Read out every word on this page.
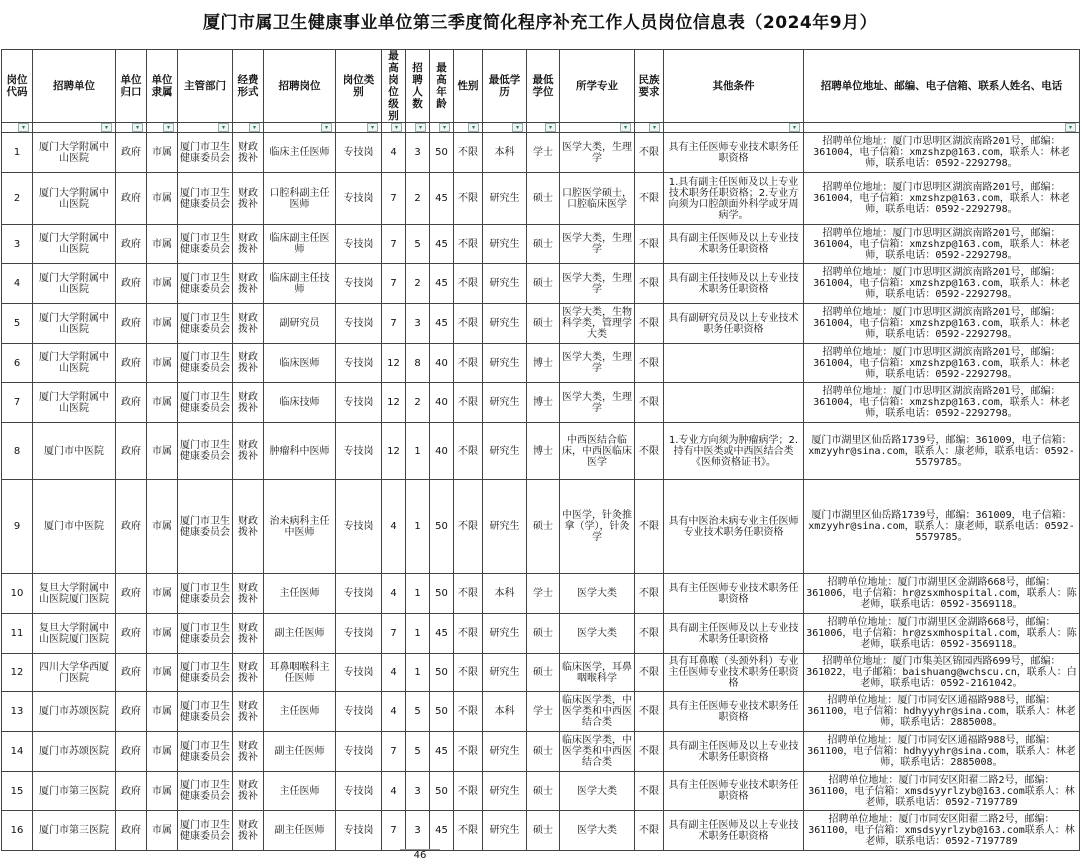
厦门市属卫生健康事业单位第三季度简化程序补充工作人员岗位信息表（2024年9月）
岗位代码	招聘单位	单位归口	单位隶属	主管部门	经费形式	招聘岗位	岗位类别	最高岗位级别	招聘人数	最高年龄	性别	最低学历	最低学位	所学专业	民族要求	其他条件	招聘单位地址、邮编、电子信箱、联系人姓名、电话

▾	▾	▾	▾	▾	▾	▾	▾	▾	▾	▾	▾	▾	▾	▾	▾	▾	▾

1	厦门大学附属中山医院	政府	市属	厦门市卫生健康委员会	财政拨补	临床主任医师	专技岗	4	3	50	不限	本科	学士	医学大类，生理学	不限	具有主任医师专业技术职务任职资格	招聘单位地址：厦门市思明区湖滨南路201号，邮编：361004，电子信箱：xmzshzp@163.com，联系人：林老师，联系电话：0592-2292798。
2	厦门大学附属中山医院	政府	市属	厦门市卫生健康委员会	财政拨补	口腔科副主任医师	专技岗	7	2	45	不限	研究生	硕士	口腔医学硕士，口腔临床医学	不限	1.具有副主任医师及以上专业技术职务任职资格；2.专业方向须为口腔颌面外科学或牙周病学。	招聘单位地址：厦门市思明区湖滨南路201号，邮编：361004，电子信箱：xmzshzp@163.com，联系人：林老师，联系电话：0592-2292798。
3	厦门大学附属中山医院	政府	市属	厦门市卫生健康委员会	财政拨补	临床副主任医师	专技岗	7	5	45	不限	研究生	硕士	医学大类，生理学	不限	具有副主任医师及以上专业技术职务任职资格	招聘单位地址：厦门市思明区湖滨南路201号，邮编：361004，电子信箱：xmzshzp@163.com，联系人：林老师，联系电话：0592-2292798。
4	厦门大学附属中山医院	政府	市属	厦门市卫生健康委员会	财政拨补	临床副主任技师	专技岗	7	2	45	不限	研究生	硕士	医学大类，生理学	不限	具有副主任技师及以上专业技术职务任职资格	招聘单位地址：厦门市思明区湖滨南路201号，邮编：361004，电子信箱：xmzshzp@163.com，联系人：林老师，联系电话：0592-2292798。
5	厦门大学附属中山医院	政府	市属	厦门市卫生健康委员会	财政拨补	副研究员	专技岗	7	3	45	不限	研究生	硕士	医学大类，生物科学类，管理学大类	不限	具有副研究员及以上专业技术职务任职资格	招聘单位地址：厦门市思明区湖滨南路201号，邮编：361004，电子信箱：xmzshzp@163.com，联系人：林老师，联系电话：0592-2292798。
6	厦门大学附属中山医院	政府	市属	厦门市卫生健康委员会	财政拨补	临床医师	专技岗	12	8	40	不限	研究生	博士	医学大类，生理学	不限		招聘单位地址：厦门市思明区湖滨南路201号，邮编：361004，电子信箱：xmzshzp@163.com，联系人：林老师，联系电话：0592-2292798。
7	厦门大学附属中山医院	政府	市属	厦门市卫生健康委员会	财政拨补	临床技师	专技岗	12	2	40	不限	研究生	博士	医学大类，生理学	不限		招聘单位地址：厦门市思明区湖滨南路201号，邮编：361004，电子信箱：xmzshzp@163.com，联系人：林老师，联系电话：0592-2292798。
8	厦门市中医院	政府	市属	厦门市卫生健康委员会	财政拨补	肿瘤科中医师	专技岗	12	1	40	不限	研究生	博士	中西医结合临床，中西医临床医学	不限	1.专业方向须为肿瘤病学；2.持有中医类或中西医结合类《医师资格证书》。	厦门市湖里区仙岳路1739号，邮编：361009，电子信箱：xmzyyhr@sina.com，联系人：康老师，联系电话：0592-5579785。
9	厦门市中医院	政府	市属	厦门市卫生健康委员会	财政拨补	治未病科主任中医师	专技岗	4	1	50	不限	研究生	硕士	中医学，针灸推拿（学），针灸学	不限	具有中医治未病专业主任医师专业技术职务任职资格	厦门市湖里区仙岳路1739号，邮编：361009，电子信箱：xmzyyhr@sina.com，联系人：康老师，联系电话：0592-5579785。
10	复旦大学附属中山医院厦门医院	政府	市属	厦门市卫生健康委员会	财政拨补	主任医师	专技岗	4	1	50	不限	本科	学士	医学大类	不限	具有主任医师专业技术职务任职资格	招聘单位地址：厦门市湖里区金湖路668号，邮编：361006，电子信箱：hr@zsxmhospital.com，联系人：陈老师，联系电话：0592-3569118。
11	复旦大学附属中山医院厦门医院	政府	市属	厦门市卫生健康委员会	财政拨补	副主任医师	专技岗	7	1	45	不限	研究生	硕士	医学大类	不限	具有副主任医师及以上专业技术职务任职资格	招聘单位地址：厦门市湖里区金湖路668号，邮编：361006，电子信箱：hr@zsxmhospital.com，联系人：陈老师，联系电话：0592-3569118。
12	四川大学华西厦门医院	政府	市属	厦门市卫生健康委员会	财政拨补	耳鼻咽喉科主任医师	专技岗	4	1	50	不限	研究生	硕士	临床医学，耳鼻咽喉科学	不限	具有耳鼻喉（头颈外科）专业主任医师专业技术职务任职资格	招聘单位地址：厦门市集美区锦园西路699号，邮编：361022，电子邮箱：baishuang@wchscu.cn，联系人：白老师，联系电话：0592-2161042。
13	厦门市苏颂医院	政府	市属	厦门市卫生健康委员会	财政拨补	主任医师	专技岗	4	5	50	不限	本科	学士	临床医学类，中医学类和中西医结合类	不限	具有主任医师专业技术职务任职资格	招聘单位地址：厦门市同安区通福路988号，邮编：361100，电子信箱：hdhyyyhr@sina.com，联系人：林老师，联系电话：2885008。
14	厦门市苏颂医院	政府	市属	厦门市卫生健康委员会	财政拨补	副主任医师	专技岗	7	5	45	不限	研究生	硕士	临床医学类，中医学类和中西医结合类	不限	具有副主任医师及以上专业技术职务任职资格	招聘单位地址：厦门市同安区通福路988号，邮编：361100，电子信箱：hdhyyyhr@sina.com，联系人：林老师，联系电话：2885008。
15	厦门市第三医院	政府	市属	厦门市卫生健康委员会	财政拨补	主任医师	专技岗	4	3	50	不限	研究生	硕士	医学大类	不限	具有主任医师专业技术职务任职资格	招聘单位地址：厦门市同安区阳翟二路2号，邮编：361100，电子信箱：xmsdsyyrlzyb@163.com联系人：林老师，联系电话：0592-7197789
16	厦门市第三医院	政府	市属	厦门市卫生健康委员会	财政拨补	副主任医师	专技岗	7	3	45	不限	研究生	硕士	医学大类	不限	具有副主任医师及以上专业技术职务任职资格	招聘单位地址：厦门市同安区阳翟二路2号，邮编：361100，电子信箱：xmsdsyyrlzyb@163.com联系人：林老师，联系电话：0592-7197789
46
